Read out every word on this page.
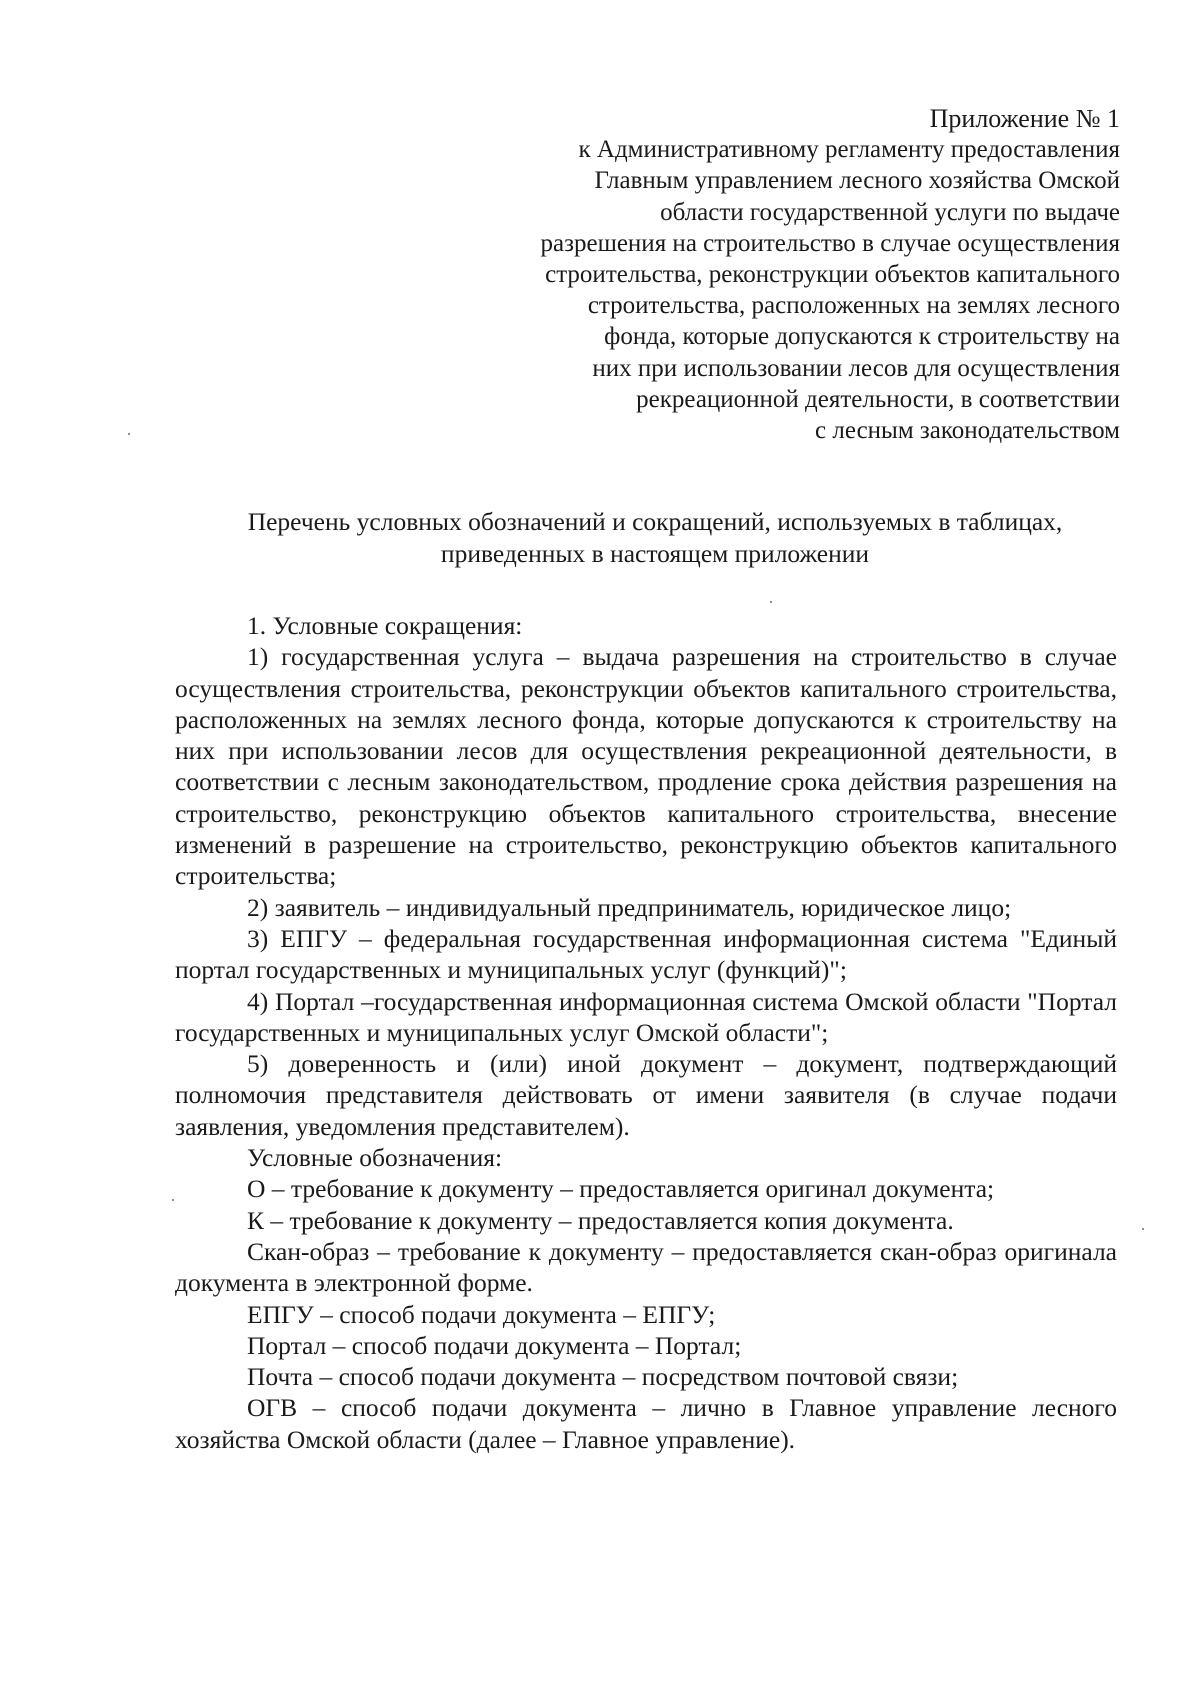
Приложение № 1
к Административному регламенту предоставления
Главным управлением лесного хозяйства Омской
области государственной услуги по выдаче
разрешения на строительство в случае осуществления
строительства, реконструкции объектов капитального
строительства, расположенных на землях лесного
фонда, которые допускаются к строительству на
них при использовании лесов для осуществления
рекреационной деятельности, в соответствии
с лесным законодательством
Перечень условных обозначений и сокращений, используемых в таблицах,
приведенных в настоящем приложении

1. Условные сокращения:

1) государственная услуга – выдача разрешения на строительство в случае осуществления строительства, реконструкции объектов капитального строительства, расположенных на землях лесного фонда, которые допускаются к строительству на них при использовании лесов для осуществления рекреационной деятельности, в соответствии с лесным законодательством, продление срока действия разрешения на строительство, реконструкцию объектов капитального строительства, внесение изменений в разрешение на строительство, реконструкцию объектов капитального строительства;

2) заявитель – индивидуальный предприниматель, юридическое лицо;

3) ЕПГУ – федеральная государственная информационная система "Единый портал государственных и муниципальных услуг (функций)";

4) Портал –государственная информационная система Омской области "Портал государственных и муниципальных услуг Омской области";

5) доверенность и (или) иной документ – документ, подтверждающий полномочия представителя действовать от имени заявителя (в случае подачи заявления, уведомления представителем).

Условные обозначения:

О – требование к документу – предоставляется оригинал документа;

К – требование к документу – предоставляется копия документа.

Скан-образ – требование к документу – предоставляется скан-образ оригинала документа в электронной форме.

ЕПГУ – способ подачи документа – ЕПГУ;

Портал – способ подачи документа – Портал;

Почта – способ подачи документа – посредством почтовой связи;

ОГВ – способ подачи документа – лично в Главное управление лесного хозяйства Омской области (далее – Главное управление).
